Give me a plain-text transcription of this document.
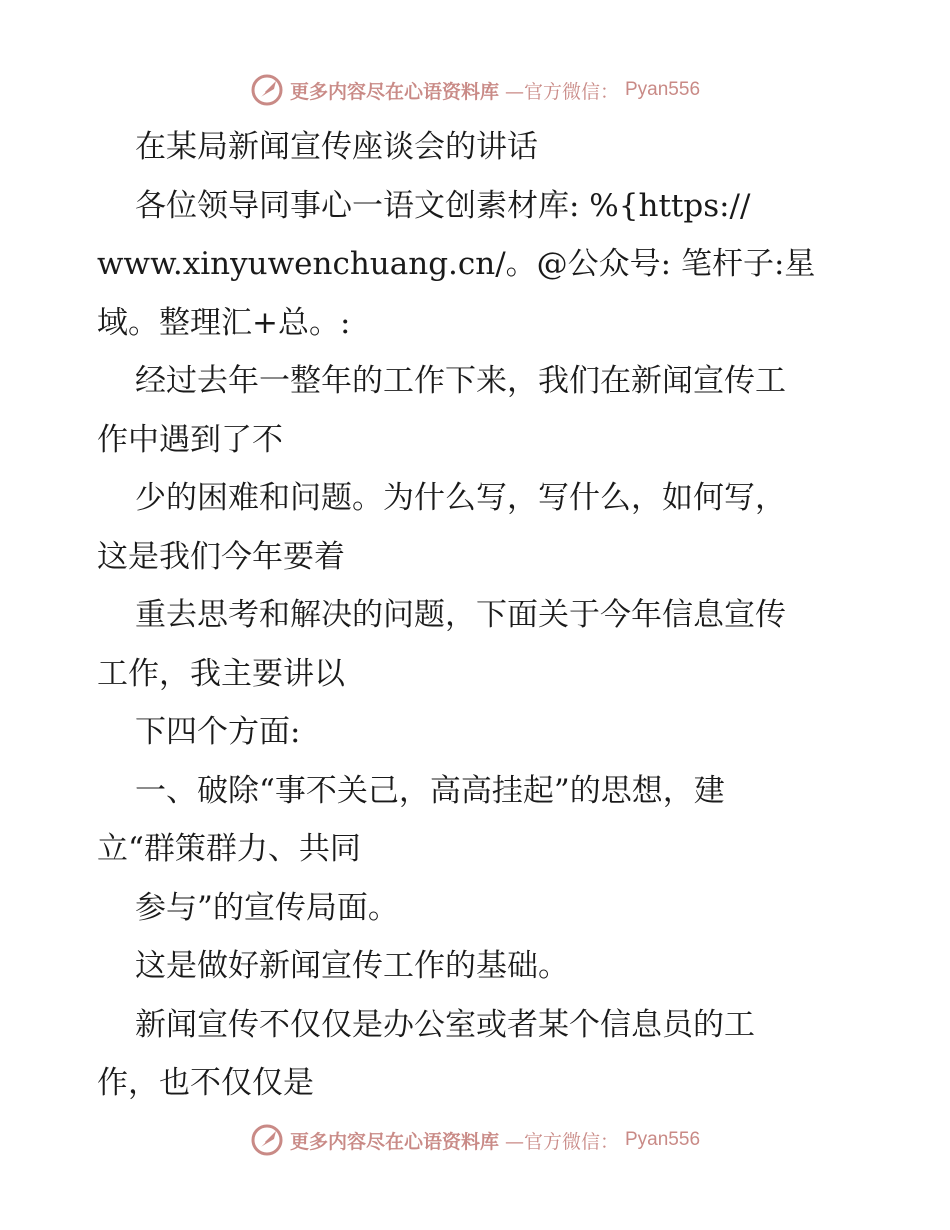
更多内容尽在心语资料库 —官方微信： Pyan556
在某局新闻宣传座谈会的讲话
各位领导同事心一语文创素材库: %{https://
www.xinyuwenchuang.cn/。@公众号: 笔杆子:星
域。整理汇+总。:
经过去年一整年的工作下来，我们在新闻宣传工
作中遇到了不
少的困难和问题。为什么写，写什么，如何写，
这是我们今年要着
重去思考和解决的问题，下面关于今年信息宣传
工作，我主要讲以
下四个方面:
一、破除“事不关己，高高挂起”的思想，建
立“群策群力、共同
参与”的宣传局面。
这是做好新闻宣传工作的基础。
新闻宣传不仅仅是办公室或者某个信息员的工
作，也不仅仅是
更多内容尽在心语资料库 —官方微信： Pyan556
